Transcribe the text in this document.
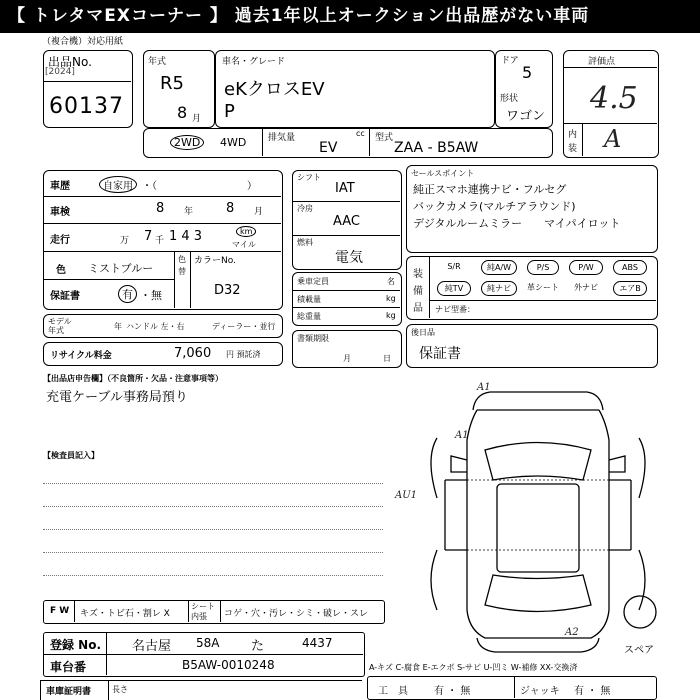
【 トレタマEXコーナー 】 過去1年以上オークション出品歴がない車両
（複合機）対応用紙
出品No.
[2024]
60137
年式
R5
8 月
車名・グレード
eKクロスEV
P
ドア
5
形状
ワゴン
評価点
4.5
内
装 A
2WD	4WD 排気量	cc
EV
型式
ZAA - B5AW
車歴	自家用 ・（　　　　　　　　　）
車検	8 年	8 月
走行	万 7 千 1 4 3	km
マイル
色 ミストブルー
色
替
カラーNo.
保証書	有 ・無	D32
モデル
年式	年 ハンドル 左・右	ディーラー・並行
リサイクル料金	7,060 円 預託済
シフト
IAT
冷房
AAC
燃料
電気
乗車定員	名
積載量	kg
総重量	kg
書類期限
月	日
セールスポイント
純正スマホ連携ナビ・フルセグ
バックカメラ(マルチアラウンド)
デジタルルームミラー　　マイパイロット
装
備
品
S/R	純A/W	P/S	P/W	ABS
純TV	純ナビ	革シート	外ナビ	エアB
ナビ型番：
後日品
保証書
【出品店申告欄】（不良箇所・欠品・注意事項等）
充電ケーブル事務局預り
【検査員記入】
F W キズ・トビ石・割レ X
シート
内張 コゲ・穴・汚レ・シミ・破レ・スレ
登録 No. 名古屋 58A た	4437
車台番	B5AW-0010248
車庫証明書	長さ
A-キズ C-腐食 E-エクボ S-サビ U-凹ミ W-補修 XX-交換済
工　具	有 ・ 無	ジャッキ 有 ・ 無
A1
A1
AU1
A2
スペア
